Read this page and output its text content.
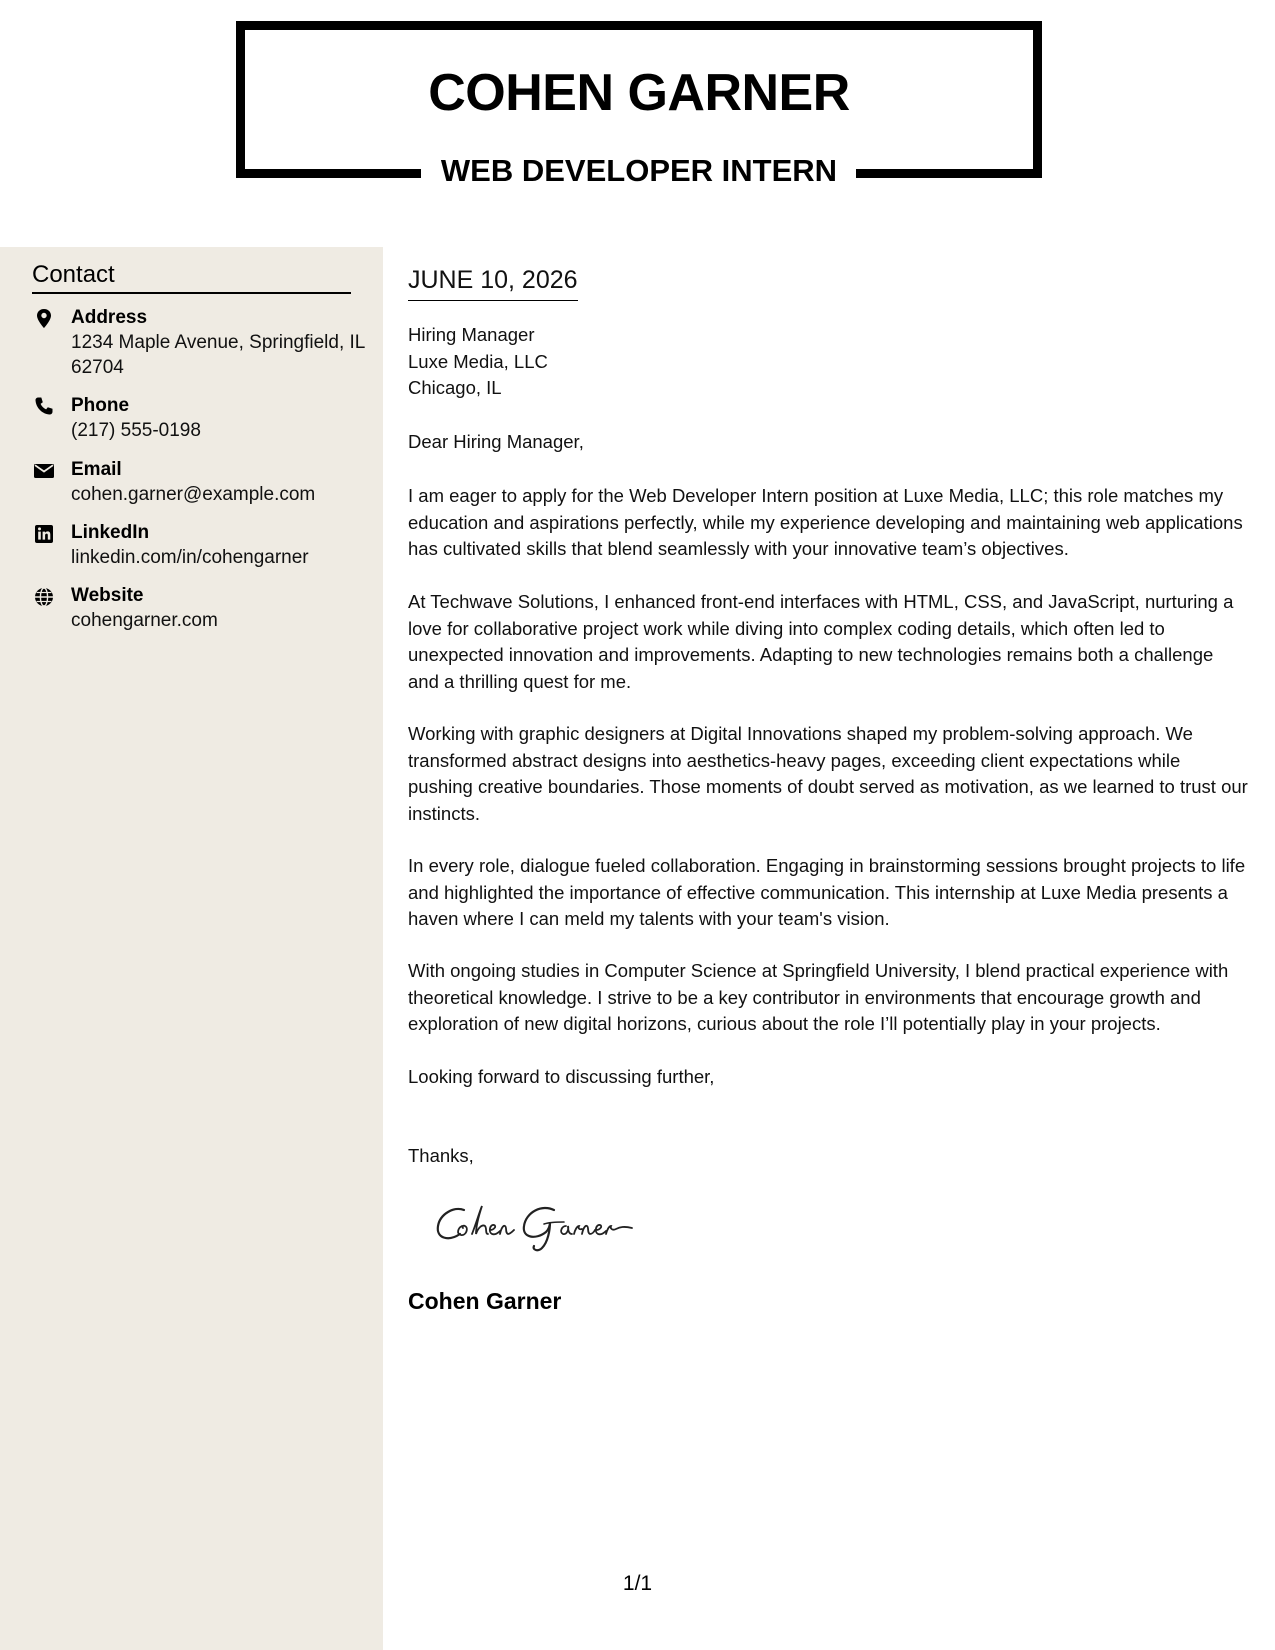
COHEN GARNER
WEB DEVELOPER INTERN
Contact
Address
1234 Maple Avenue, Springfield, IL 62704
Phone
(217) 555-0198
Email
cohen.garner@example.com
LinkedIn
linkedin.com/in/cohengarner
Website
cohengarner.com
JUNE 10, 2026
Hiring Manager
Luxe Media, LLC
Chicago, IL
Dear Hiring Manager,
I am eager to apply for the Web Developer Intern position at Luxe Media, LLC; this role matches my education and aspirations perfectly, while my experience developing and maintaining web applications has cultivated skills that blend seamlessly with your innovative team’s objectives.
At Techwave Solutions, I enhanced front-end interfaces with HTML, CSS, and JavaScript, nurturing a love for collaborative project work while diving into complex coding details, which often led to unexpected innovation and improvements. Adapting to new technologies remains both a challenge and a thrilling quest for me.
Working with graphic designers at Digital Innovations shaped my problem-solving approach. We transformed abstract designs into aesthetics-heavy pages, exceeding client expectations while pushing creative boundaries. Those moments of doubt served as motivation, as we learned to trust our instincts.
In every role, dialogue fueled collaboration. Engaging in brainstorming sessions brought projects to life and highlighted the importance of effective communication. This internship at Luxe Media presents a haven where I can meld my talents with your team's vision.
With ongoing studies in Computer Science at Springfield University, I blend practical experience with theoretical knowledge. I strive to be a key contributor in environments that encourage growth and exploration of new digital horizons, curious about the role I’ll potentially play in your projects.
Looking forward to discussing further,
Thanks,
Cohen Garner
1/1
